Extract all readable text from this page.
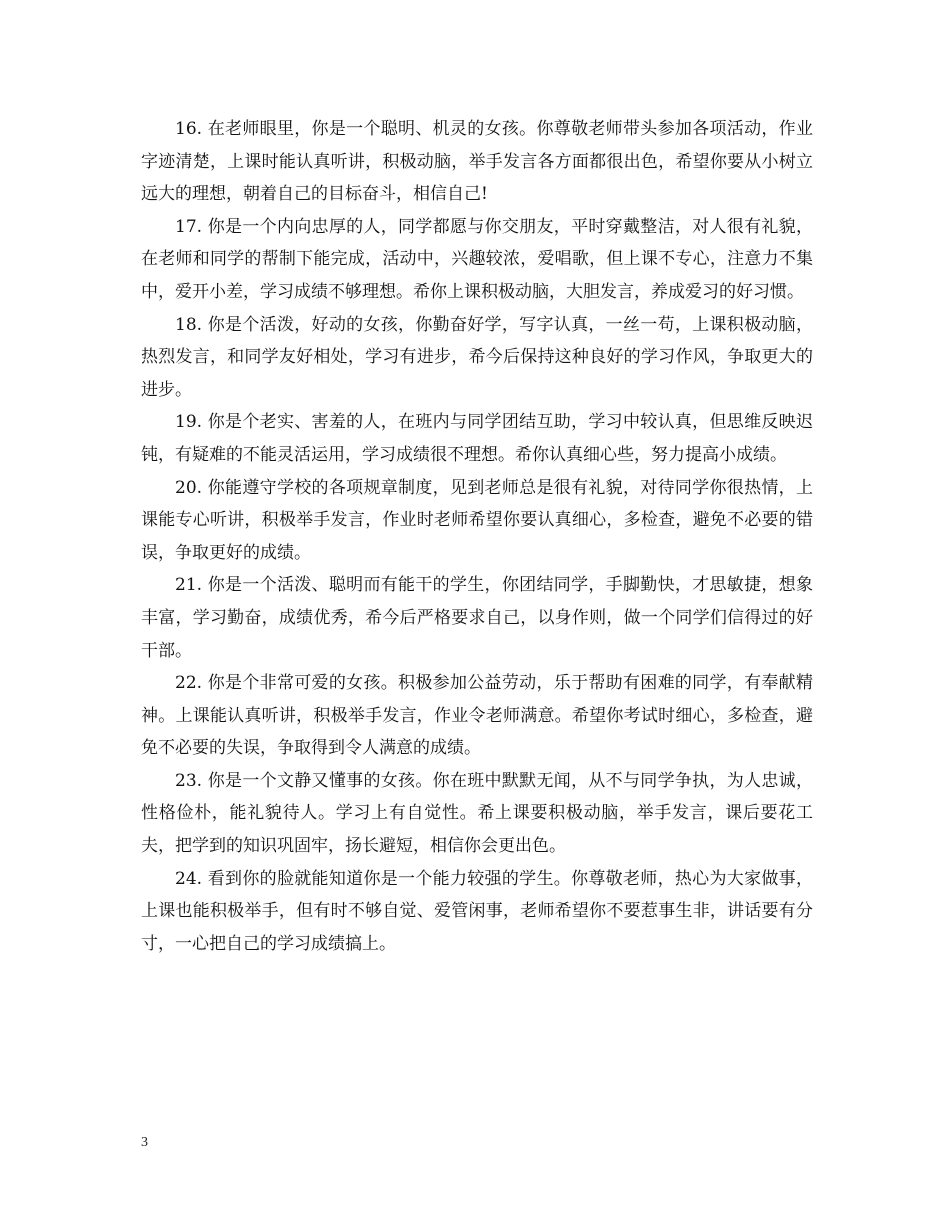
16. 在老师眼里，你是一个聪明、机灵的女孩。你尊敬老师带头参加各项活动，作业字迹清楚，上课时能认真听讲，积极动脑，举手发言各方面都很出色，希望你要从小树立远大的理想，朝着自己的目标奋斗，相信自己!

17. 你是一个内向忠厚的人，同学都愿与你交朋友，平时穿戴整洁，对人很有礼貌，在老师和同学的帮制下能完成，活动中，兴趣较浓，爱唱歌，但上课不专心，注意力不集中，爱开小差，学习成绩不够理想。希你上课积极动脑，大胆发言，养成爱习的好习惯。

18. 你是个活泼，好动的女孩，你勤奋好学，写字认真，一丝一苟，上课积极动脑，热烈发言，和同学友好相处，学习有进步，希今后保持这种良好的学习作风，争取更大的进步。

19. 你是个老实、害羞的人，在班内与同学团结互助，学习中较认真，但思维反映迟钝，有疑难的不能灵活运用，学习成绩很不理想。希你认真细心些，努力提高小成绩。

20. 你能遵守学校的各项规章制度，见到老师总是很有礼貌，对待同学你很热情，上课能专心听讲，积极举手发言，作业时老师希望你要认真细心，多检查，避免不必要的错误，争取更好的成绩。

21. 你是一个活泼、聪明而有能干的学生，你团结同学，手脚勤快，才思敏捷，想象丰富，学习勤奋，成绩优秀，希今后严格要求自己，以身作则，做一个同学们信得过的好干部。

22. 你是个非常可爱的女孩。积极参加公益劳动，乐于帮助有困难的同学，有奉献精神。上课能认真听讲，积极举手发言，作业令老师满意。希望你考试时细心，多检查，避免不必要的失误，争取得到令人满意的成绩。

23. 你是一个文静又懂事的女孩。你在班中默默无闻，从不与同学争执，为人忠诚，性格俭朴，能礼貌待人。学习上有自觉性。希上课要积极动脑，举手发言，课后要花工夫，把学到的知识巩固牢，扬长避短，相信你会更出色。

24. 看到你的脸就能知道你是一个能力较强的学生。你尊敬老师，热心为大家做事，上课也能积极举手，但有时不够自觉、爱管闲事，老师希望你不要惹事生非，讲话要有分寸，一心把自己的学习成绩搞上。

3
